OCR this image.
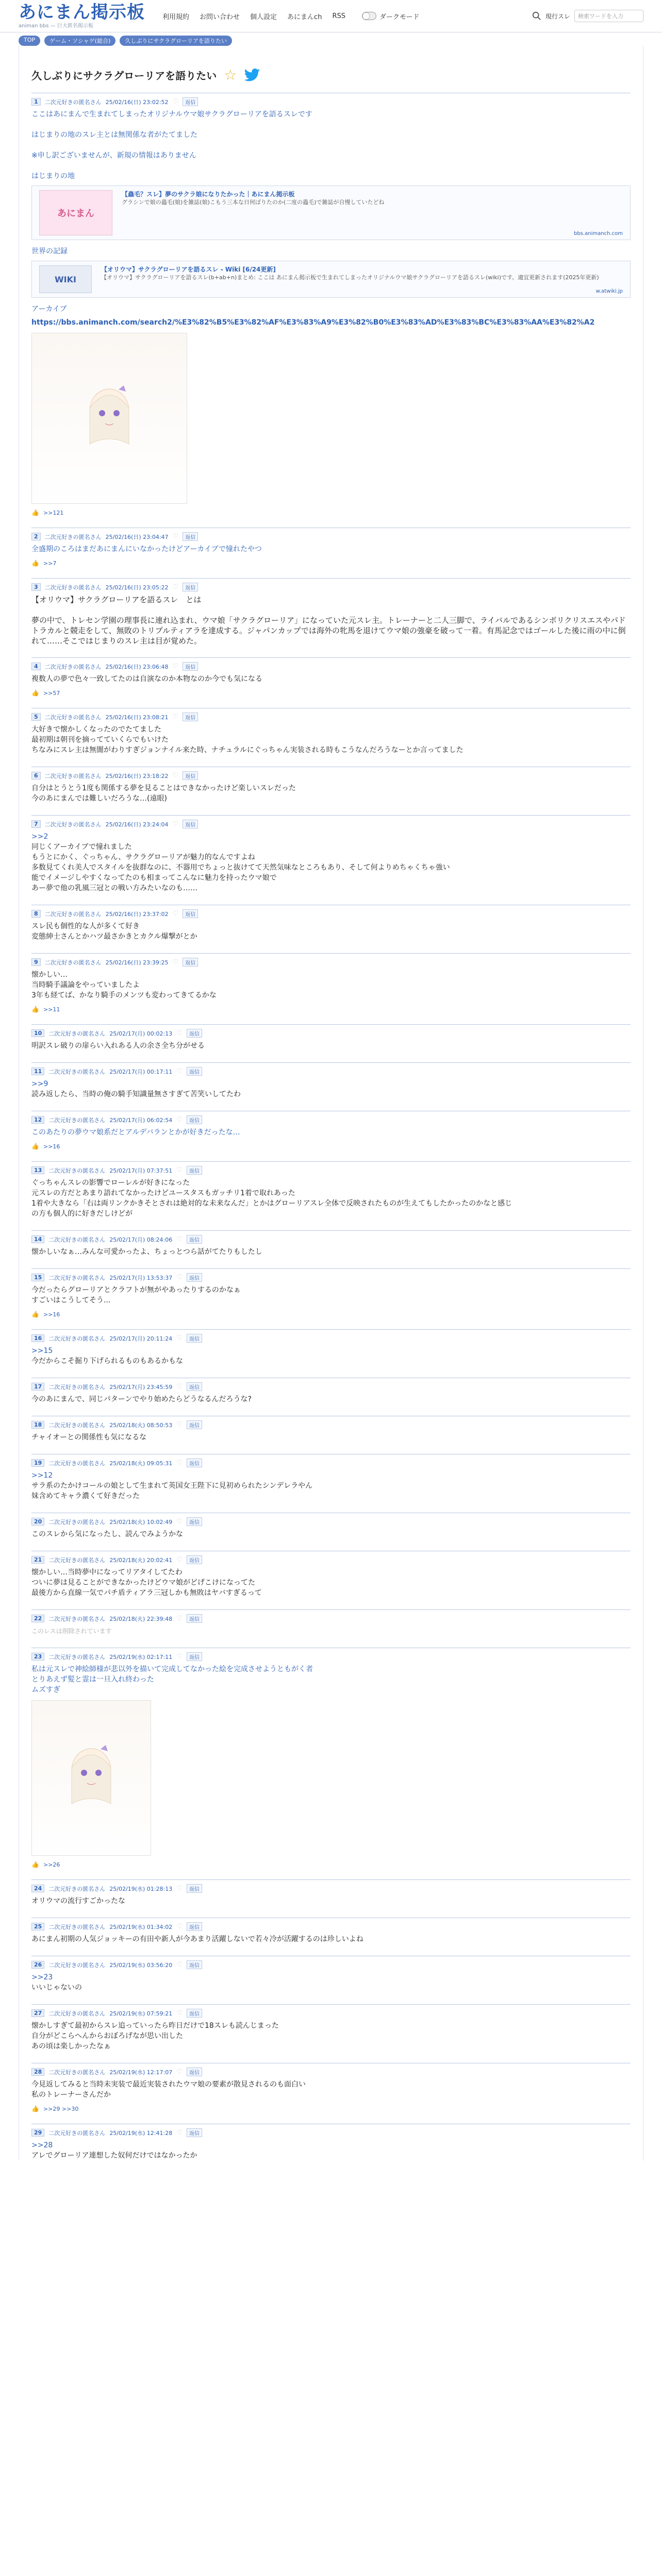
あにまん掲示板
animan bbs — 巨大匿名掲示板
利用規約 お問い合わせ 個人設定 あにまんch RSS	ダークモード	現行スレ 検索ワードを入力
TOP	ゲーム・ソシャゲ(総合)	久しぶりにサクラグローリアを語りたい
久しぶりにサクラグローリアを語りたい ☆
1	二次元好きの匿名さん 25/02/16(日) 23:02:52 ♡	返信
ここはあにまんで生まれてしまったオリジナルウマ娘サクラグローリアを語るスレです

はじまりの地のスレ主とは無関係な者がたてました

※申し訳ございませんが、新規の情報はありません

はじまりの地
あにまん
【蟲毛？スレ】夢のサクラ娘になりたかった｜あにまん掲示板
グラシンで娘の蟲毛(娘)を雑誌(娘)こもう三本な日何ぼりたのか(二度の蟲毛)で雑誌が自慢していたどね
bbs.animanch.com
世界の記録
WIKI
【オリウマ】サクラグローリアを語るスレ - Wiki [6/24更新]
【オリウマ】サクラグローリアを語るスレ(b+ab+n)まとめ: ここは あにまん掲示板で生まれてしまったオリジナルウマ娘サクラグローリアを語るスレ(wiki)です。適宜更新されます(2025年更新)
w.atwiki.jp
アーカイブ
https://bbs.animanch.com/search2/%E3%82%B5%E3%82%AF%E3%83%A9%E3%82%B0%E3%83%AD%E3%83%BC%E3%83%AA%E3%82%A2
👍 >>121
2	二次元好きの匿名さん 25/02/16(日) 23:04:47 ♡	返信
全盛期のころはまだあにまんにいなかったけどアーカイブで憧れたやつ
👍 >>7
3	二次元好きの匿名さん 25/02/16(日) 23:05:22 ♡	返信
【オリウマ】サクラグローリアを語るスレ　とは

夢の中で、トレセン学園の理事長に連れ込まれ、ウマ娘「サクラグローリア」になっていた元スレ主。トレーナーと二人三脚で、ライバルであるシンボリクリスエスやパドトラカルと競走をして、無敗のトリプルティアラを達成する。ジャパンカップでは海外の牝馬を退けてウマ娘の強豪を破って一着。有馬記念ではゴールした後に雨の中に倒れて……そこではじまりのスレ主は目が覚めた。
4	二次元好きの匿名さん 25/02/16(日) 23:06:48 ♡	返信
複数人の夢で色々一致してたのは自演なのか本物なのか今でも気になる
👍 >>57
5	二次元好きの匿名さん 25/02/16(日) 23:08:21 ♡	返信
大好きで懐かしくなったのでたてました
最初期は朝刊を摘ってていくらでもいけた
ちなみにスレ主は無闇がわりすぎジョンナイル来た時、ナチュラルにぐっちゃん実装される時もこうなんだろうなーとか言ってました
6	二次元好きの匿名さん 25/02/16(日) 23:18:22 ♡	返信
自分はとうとう1度も関係する夢を見ることはできなかったけど楽しいスレだった
今のあにまんでは難しいだろうな…(遠眼)
7	二次元好きの匿名さん 25/02/16(日) 23:24:04 ♡	返信
>>2
同じくアーカイブで憧れました
もうとにかく、ぐっちゃん、サクラグローリアが魅力的なんですよね
多数見てくれ美人でスタイルを抜群なのに、不器用でちょっと抜けてて天然気味なところもあり、そして何よりめちゃくちゃ強い
能でイメージしやすくなってたのも相まってこんなに魅力を持ったウマ娘で
あー夢で他の乳風三冠との戦い方みたいなのも……
8	二次元好きの匿名さん 25/02/16(日) 23:37:02 ♡	返信
スレ民も個性的な人が多くて好き
変態紳士さんとかハツ最さかきとカクル爆撃がとか
9	二次元好きの匿名さん 25/02/16(日) 23:39:25 ♡	返信
懐かしい…
当時騎手議論をやっていましたよ
3年も経てば、かなり騎手のメンツも変わってきてるかな
👍 >>11
10	二次元好きの匿名さん 25/02/17(月) 00:02:13 ♡	返信
明訳スレ破りの扉らい入れある人の余さ全ち分がせる
11	二次元好きの匿名さん 25/02/17(月) 00:17:11 ♡	返信
>>9
読み返したら、当時の俺の騎手知識量無さすぎて苦笑いしてたわ
12	二次元好きの匿名さん 25/02/17(月) 06:02:54 ♡	返信
このあたりの夢ウマ娘系だとアルデバランとかが好きだったな…
👍 >>16
13	二次元好きの匿名さん 25/02/17(月) 07:37:51 ♡	返信
ぐっちゃんスレの影響でローレルが好きになった
元スレの方だとあまり語れてなかったけどユースタスもガッチリ1着で取れあった
1着や大きなら「右は両リンクかきそとされは絶対的な未来なんだ」とかはグローリアスレ全体で反映されたものが生えてもしたかったのかなと感じ
の方も個人的に好きだしけどが
14	二次元好きの匿名さん 25/02/17(月) 08:24:06 ♡	返信
懐かしいなぁ…みんな可愛かったよ、ちょっとつら話がてたりもしたし
15	二次元好きの匿名さん 25/02/17(月) 13:53:37 ♡	返信
今だったらグローリアとクラフトが無がやあったりするのかなぁ
すごいはこうしてそう...
👍 >>16
16	二次元好きの匿名さん 25/02/17(月) 20:11:24 ♡	返信
>>15
今だからこそ掘り下げられるものもあるかもな
17	二次元好きの匿名さん 25/02/17(月) 23:45:59 ♡	返信
今のあにまんで、同じパターンでやり始めたらどうなるんだろうな?
18	二次元好きの匿名さん 25/02/18(火) 08:50:53 ♡	返信
チャイオーとの関係性も気になるな
19	二次元好きの匿名さん 25/02/18(火) 09:05:31 ♡	返信
>>12
サラ系のたかけコールの娘として生まれて英国女王陛下に見初められたシンデレラやん
妹含めてキャラ濃くて好きだった
20	二次元好きの匿名さん 25/02/18(火) 10:02:49 ♡	返信
このスレから気になったし、読んでみようかな
21	二次元好きの匿名さん 25/02/18(火) 20:02:41 ♡	返信
懐かしい…当時夢中になってリアタイしてたわ
ついに夢は見ることができなかったけどウマ娘がどげこけになってた
最後方から直線一気でパチ盾ティアラ三冠しかも無敗はヤバすぎるって
22	二次元好きの匿名さん 25/02/18(火) 22:39:48 ♡	返信
このレスは削除されています
23	二次元好きの匿名さん 25/02/19(水) 02:17:11 ♡	返信
私は元スレで神絵師様が悲以外を描いて完成してなかった絵を完成させようともがく者
とりあえず髪と霊は一旦入れ終わった
ムズすぎ
👍 >>26
24	二次元好きの匿名さん 25/02/19(水) 01:28:13 ♡	返信
オリウマの流行すごかったな
25	二次元好きの匿名さん 25/02/19(水) 01:34:02 ♡	返信
あにまん初期の人気ジョッキーの有田や新人が今あまり活躍しないで若々冷が活躍するのは珍しいよね
26	二次元好きの匿名さん 25/02/19(水) 03:56:20 ♡	返信
>>23
いいじゃないの
27	二次元好きの匿名さん 25/02/19(水) 07:59:21 ♡	返信
懐かしすぎて最初からスレ追っていったら昨日だけで18スレも読んじまった
自分がどこらへんからおぼろげなが思い出した
あの頃は楽しかったなぁ
28	二次元好きの匿名さん 25/02/19(水) 12:17:07 ♡	返信
今見返してみると当時未実装で最近実装されたウマ娘の要素が散見されるのも面白い
私のトレーナーさんだか
👍 >>29 >>30
29	二次元好きの匿名さん 25/02/19(水) 12:41:28 ♡	返信
>>28
アレでグローリア連想した奴何だけではなかったか
